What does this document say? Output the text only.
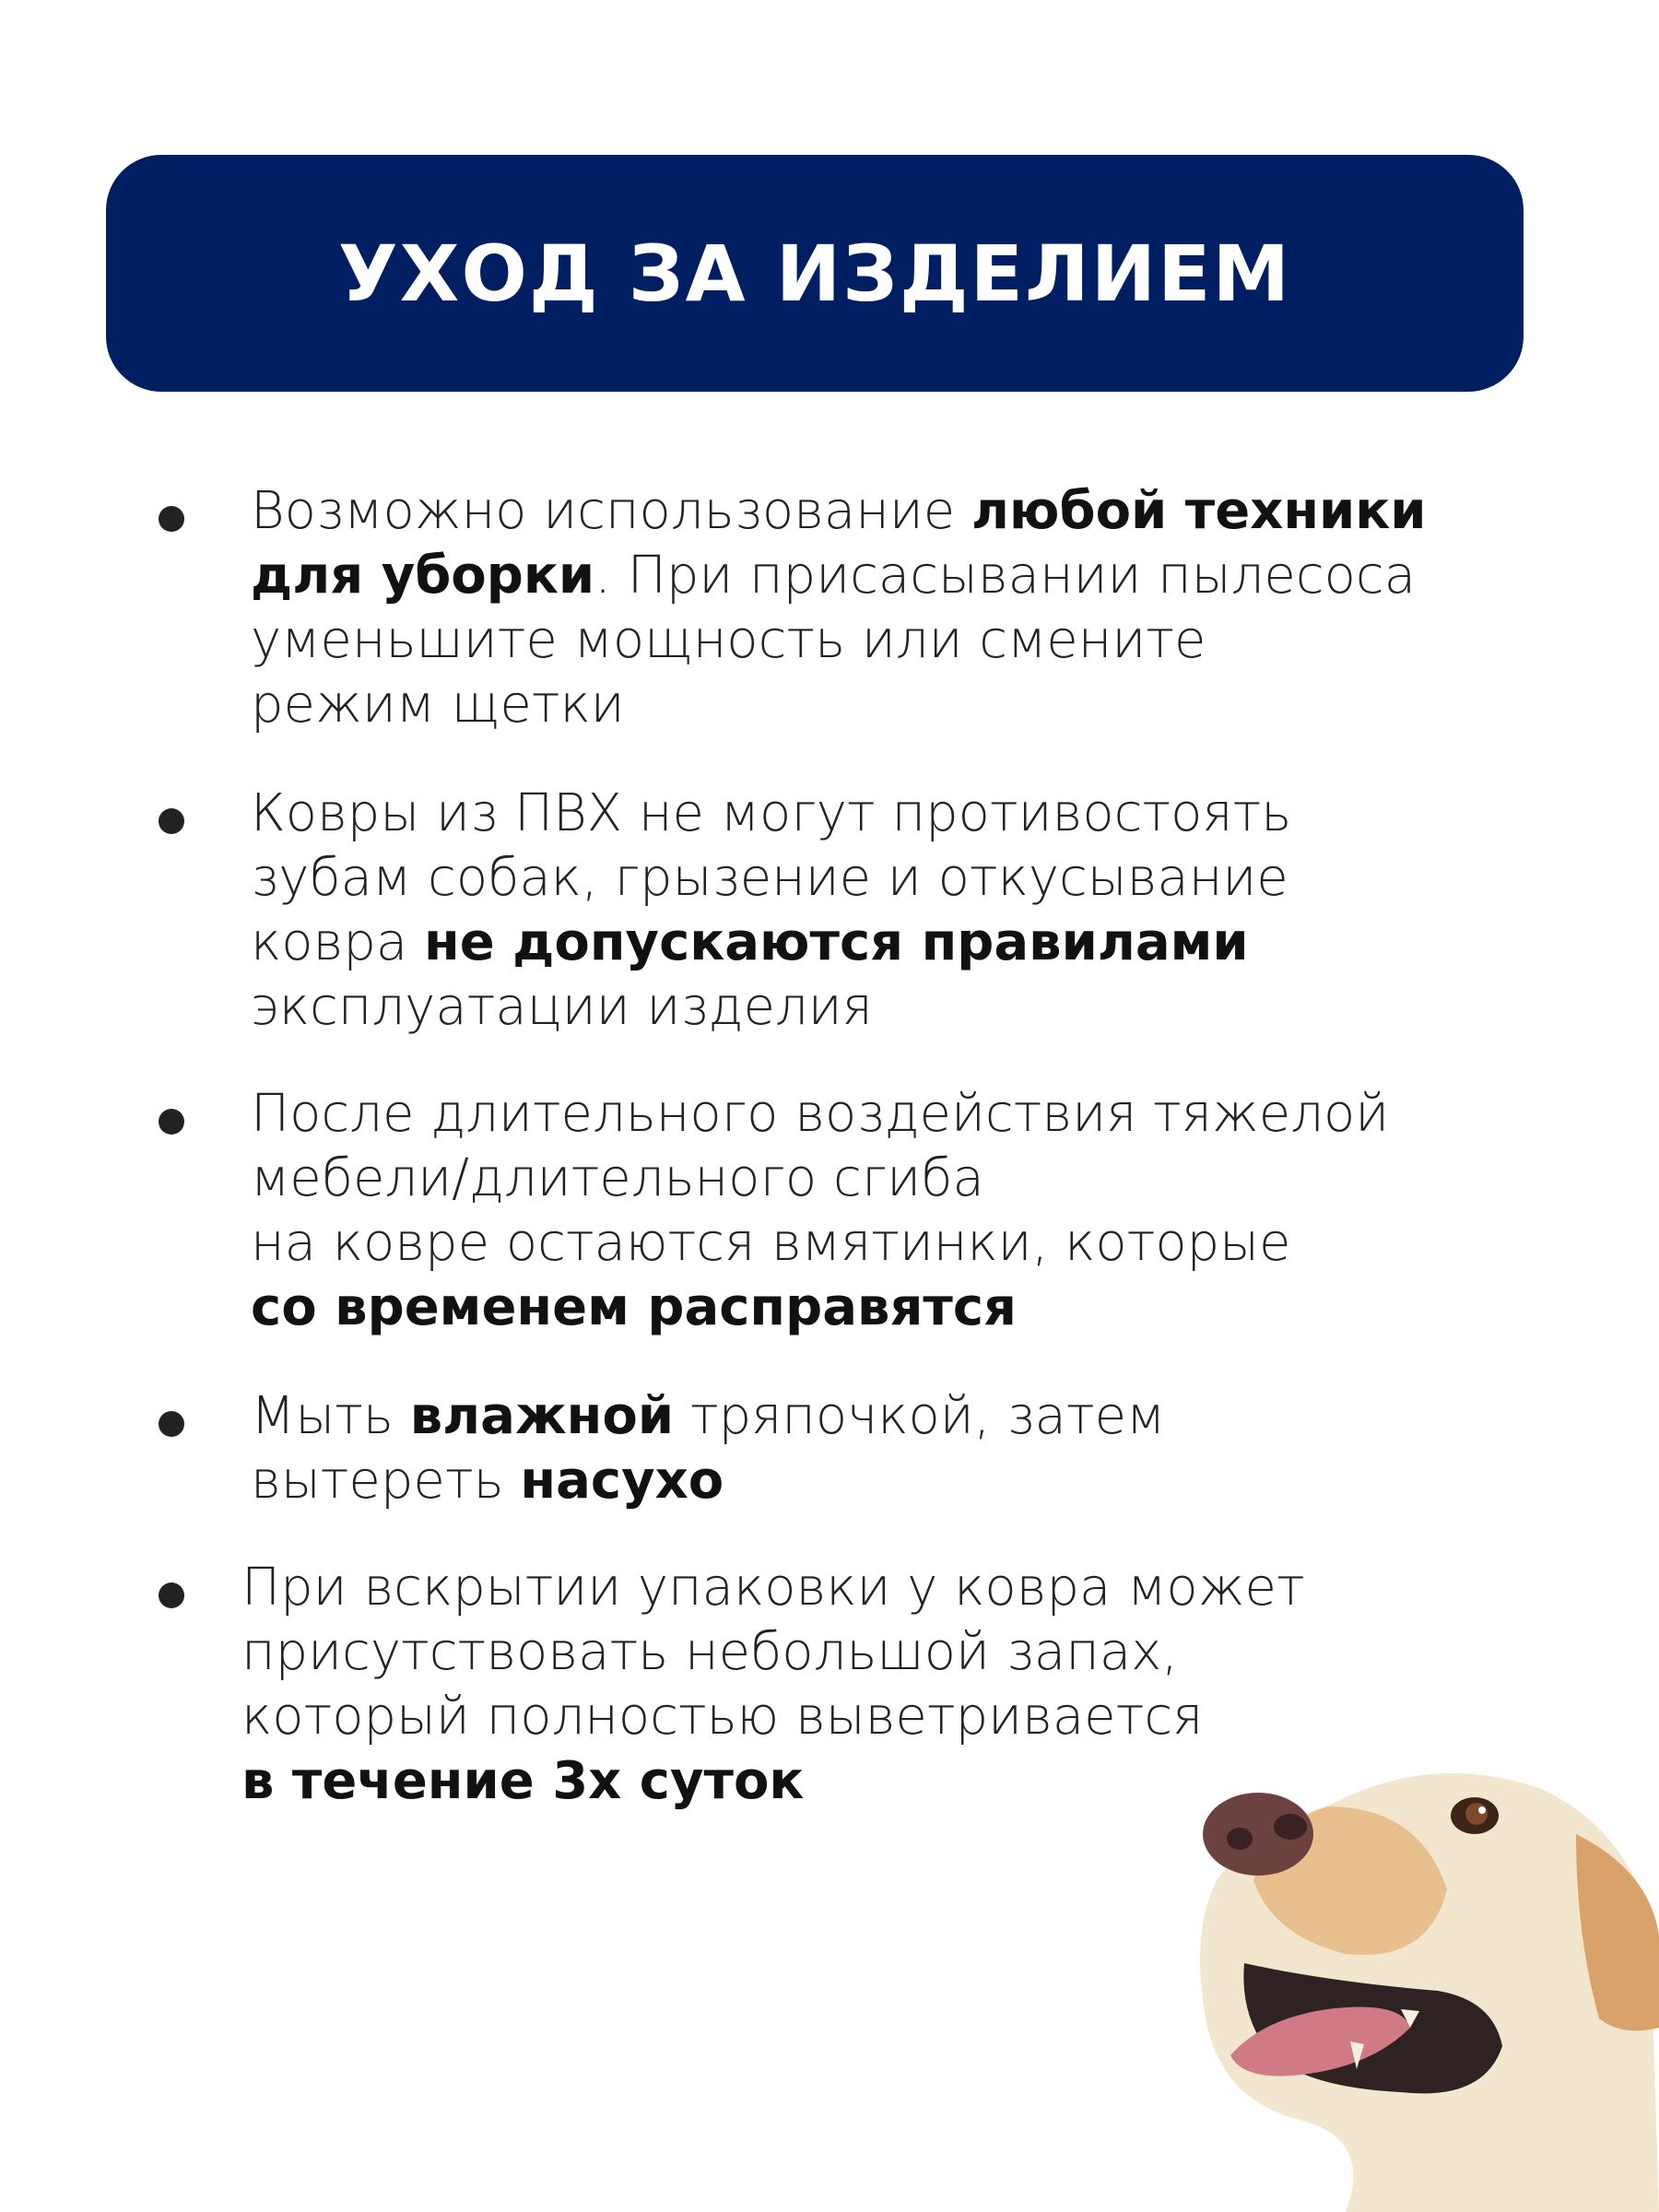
УХОД ЗА ИЗДЕЛИЕМ
Возможно использование любой техники
для уборки. При присасывании пылесоса
уменьшите мощность или смените
режим щетки
Ковры из ПВХ не могут противостоять
зубам собак, грызение и откусывание
ковра не допускаются правилами
эксплуатации изделия
После длительного воздействия тяжелой
мебели/длительного сгиба
на ковре остаются вмятинки, которые
со временем расправятся
Мыть влажной тряпочкой, затем
вытереть насухо
При вскрытии упаковки у ковра может
присутствовать небольшой запах,
который полностью выветривается
в течение 3х суток
